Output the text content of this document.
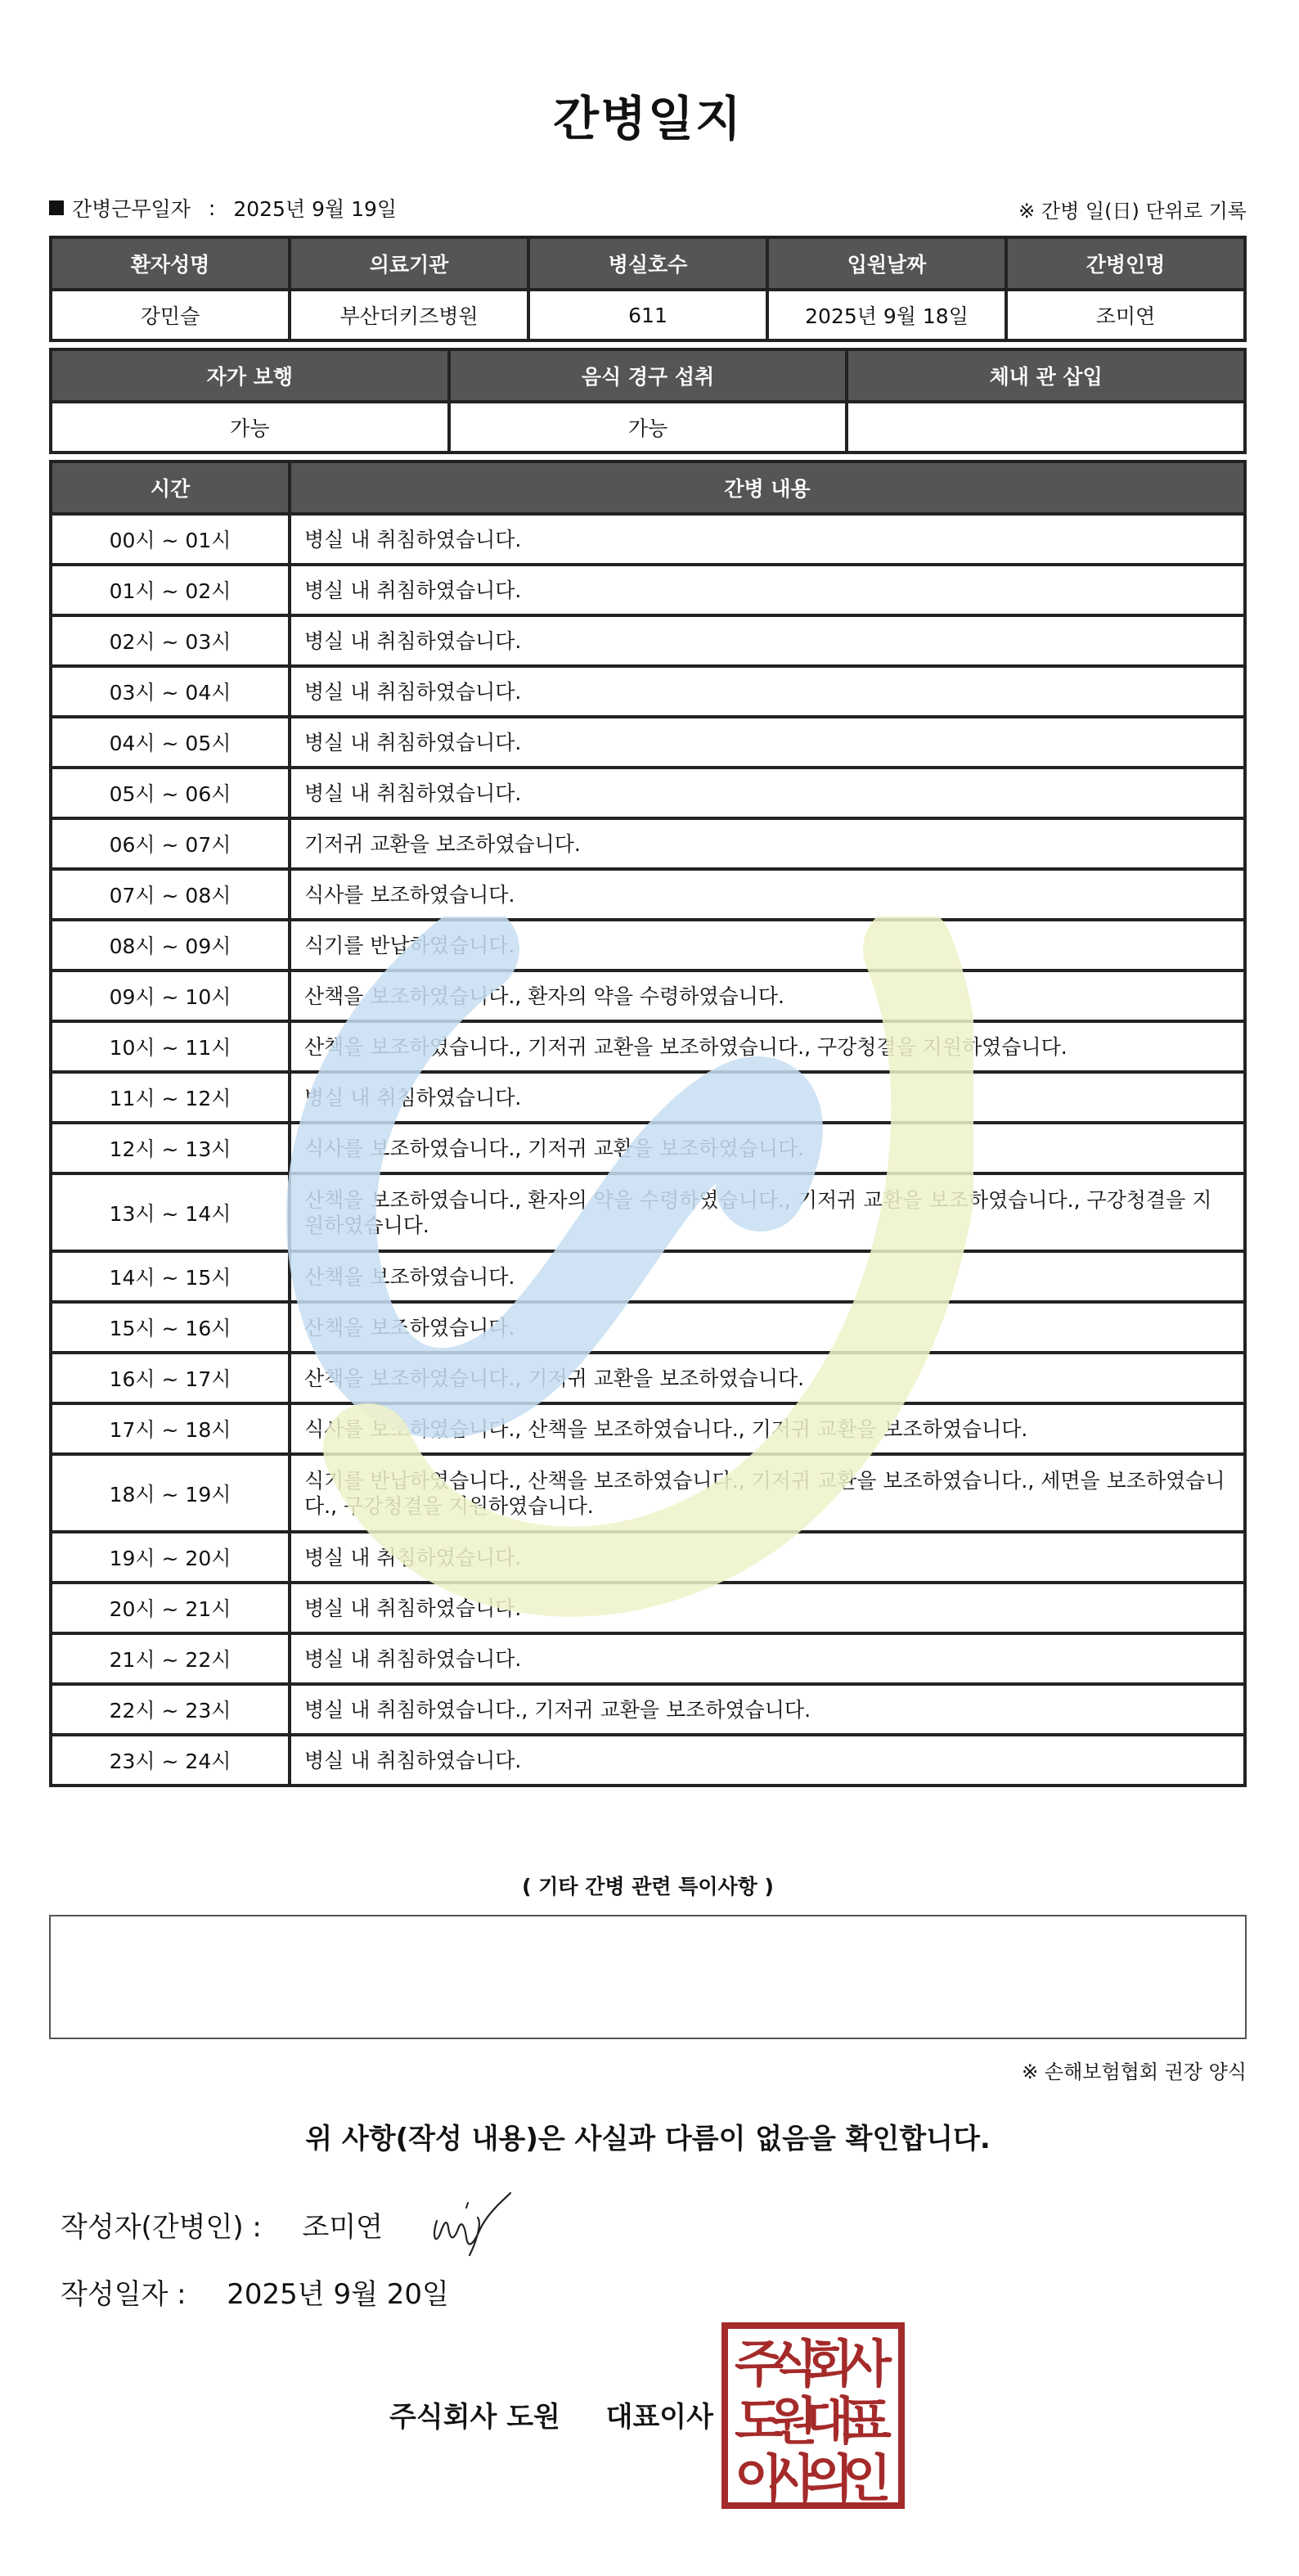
간병일지
간병근무일자 : 2025년 9월 19일	※ 간병 일(日) 단위로 기록
환자성명	의료기관	병실호수	입원날짜	간병인명
강민슬	부산더키즈병원	611	2025년 9월 18일	조미연
자가 보행	음식 경구 섭취	체내 관 삽입
가능	가능	
시간	간병 내용
00시 ~ 01시	병실 내 취침하였습니다.
01시 ~ 02시	병실 내 취침하였습니다.
02시 ~ 03시	병실 내 취침하였습니다.
03시 ~ 04시	병실 내 취침하였습니다.
04시 ~ 05시	병실 내 취침하였습니다.
05시 ~ 06시	병실 내 취침하였습니다.
06시 ~ 07시	기저귀 교환을 보조하였습니다.
07시 ~ 08시	식사를 보조하였습니다.
08시 ~ 09시	식기를 반납하였습니다.
09시 ~ 10시	산책을 보조하였습니다., 환자의 약을 수령하였습니다.
10시 ~ 11시	산책을 보조하였습니다., 기저귀 교환을 보조하였습니다., 구강청결을 지원하였습니다.
11시 ~ 12시	병실 내 취침하였습니다.
12시 ~ 13시	식사를 보조하였습니다., 기저귀 교환을 보조하였습니다.
13시 ~ 14시	산책을 보조하였습니다., 환자의 약을 수령하였습니다., 기저귀 교환을 보조하였습니다., 구강청결을 지원하였습니다.
14시 ~ 15시	산책을 보조하였습니다.
15시 ~ 16시	산책을 보조하였습니다.
16시 ~ 17시	산책을 보조하였습니다., 기저귀 교환을 보조하였습니다.
17시 ~ 18시	식사를 보조하였습니다., 산책을 보조하였습니다., 기저귀 교환을 보조하였습니다.
18시 ~ 19시	식기를 반납하였습니다., 산책을 보조하였습니다., 기저귀 교환을 보조하였습니다., 세면을 보조하였습니다., 구강청결을 지원하였습니다.
19시 ~ 20시	병실 내 취침하였습니다.
20시 ~ 21시	병실 내 취침하였습니다.
21시 ~ 22시	병실 내 취침하였습니다.
22시 ~ 23시	병실 내 취침하였습니다., 기저귀 교환을 보조하였습니다.
23시 ~ 24시	병실 내 취침하였습니다.
( 기타 간병 관련 특이사항 )
※ 손해보험협회 권장 양식
위 사항(작성 내용)은 사실과 다름이 없음을 확인합니다.
작성자(간병인) : 조미연
작성일자 : 2025년 9월 20일
주식회사 도원 대표이사
주
식
회
사
도
원
대
표
이
사
의
인
